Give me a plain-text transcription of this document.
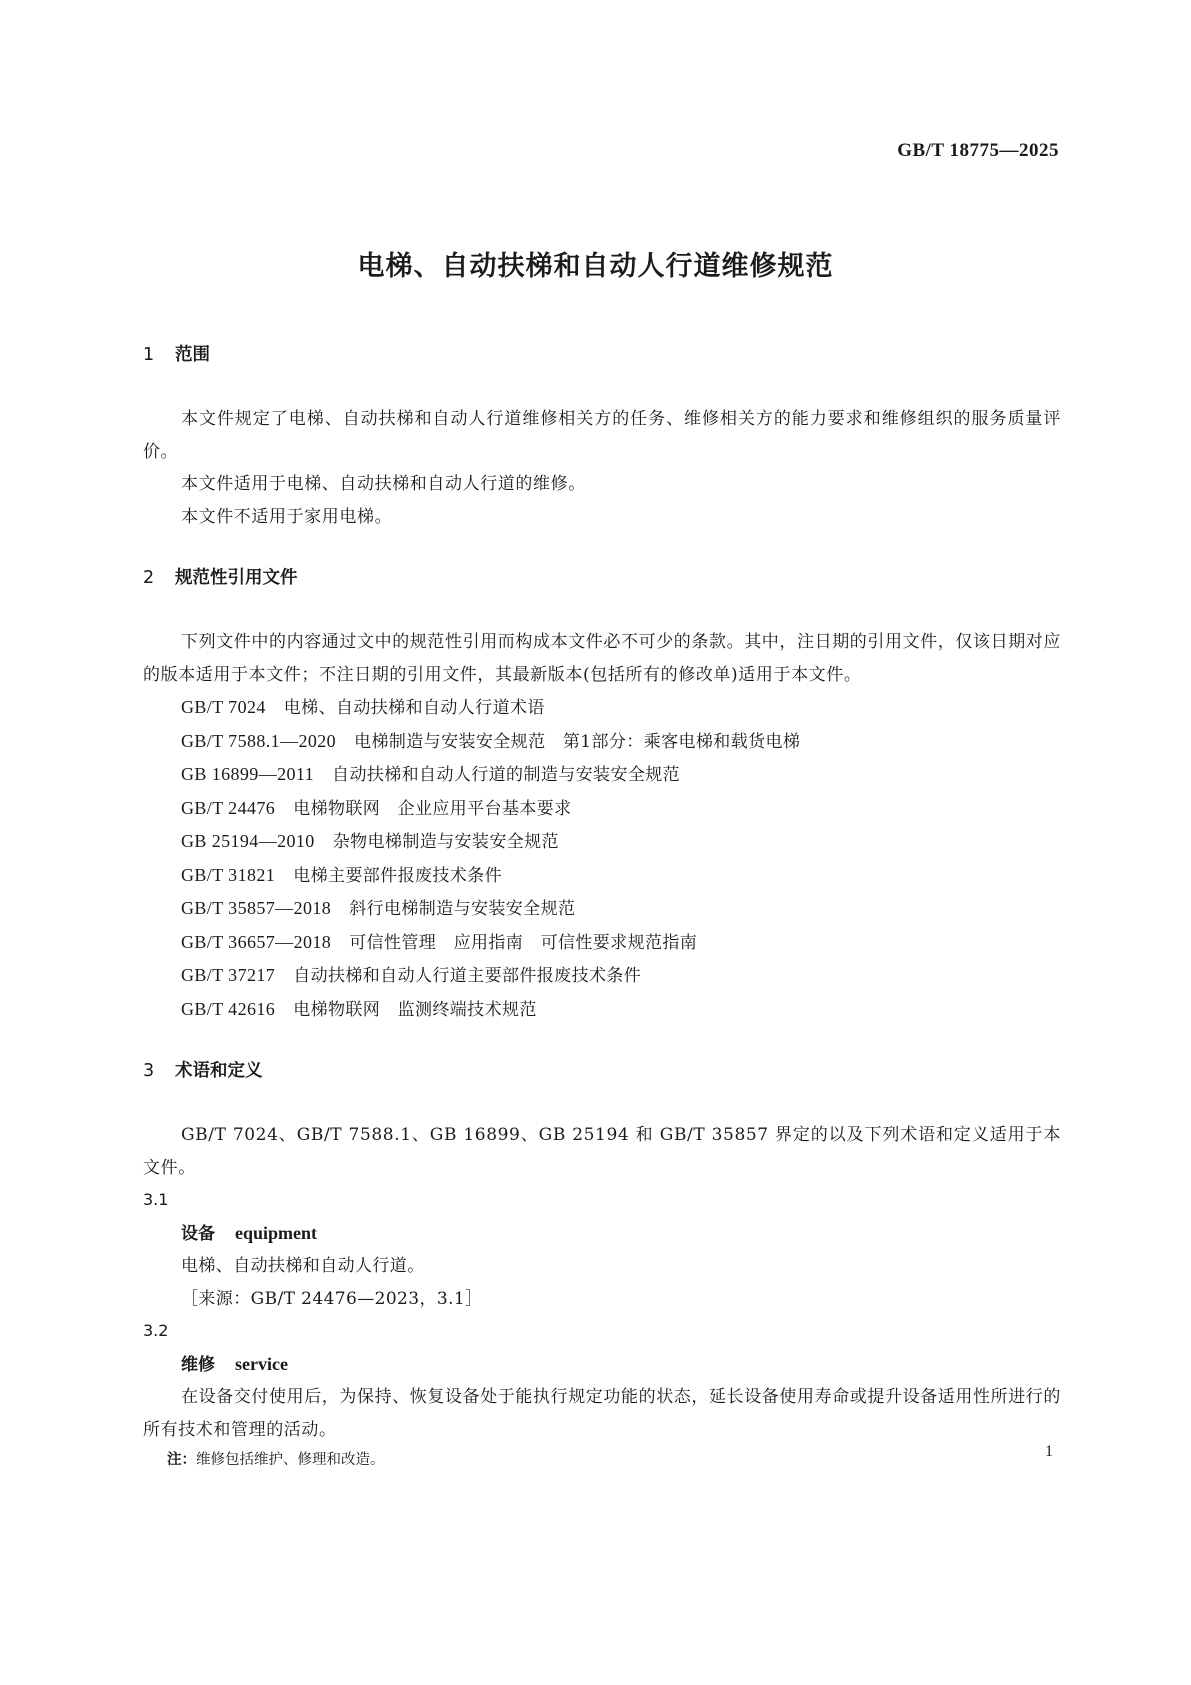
GB/T 18775—2025
电梯、自动扶梯和自动人行道维修规范
1 范围
本文件规定了电梯、自动扶梯和自动人行道维修相关方的任务、维修相关方的能力要求和维修组织的服务质量评价。
本文件适用于电梯、自动扶梯和自动人行道的维修。
本文件不适用于家用电梯。
2 规范性引用文件
下列文件中的内容通过文中的规范性引用而构成本文件必不可少的条款。其中，注日期的引用文件，仅该日期对应的版本适用于本文件；不注日期的引用文件，其最新版本(包括所有的修改单)适用于本文件。
GB/T 7024 电梯、自动扶梯和自动人行道术语
GB/T 7588.1—2020 电梯制造与安装安全规范　第1部分：乘客电梯和载货电梯
GB 16899—2011 自动扶梯和自动人行道的制造与安装安全规范
GB/T 24476 电梯物联网　企业应用平台基本要求
GB 25194—2010 杂物电梯制造与安装安全规范
GB/T 31821 电梯主要部件报废技术条件
GB/T 35857—2018 斜行电梯制造与安装安全规范
GB/T 36657—2018 可信性管理　应用指南　可信性要求规范指南
GB/T 37217 自动扶梯和自动人行道主要部件报废技术条件
GB/T 42616 电梯物联网　监测终端技术规范
3 术语和定义
GB/T 7024、GB/T 7588.1、GB 16899、GB 25194 和 GB/T 35857 界定的以及下列术语和定义适用于本文件。
3.1
设备 equipment
电梯、自动扶梯和自动人行道。
［来源：GB/T 24476—2023，3.1］
3.2
维修 service
在设备交付使用后，为保持、恢复设备处于能执行规定功能的状态，延长设备使用寿命或提升设备适用性所进行的所有技术和管理的活动。
注：维修包括维护、修理和改造。	1
